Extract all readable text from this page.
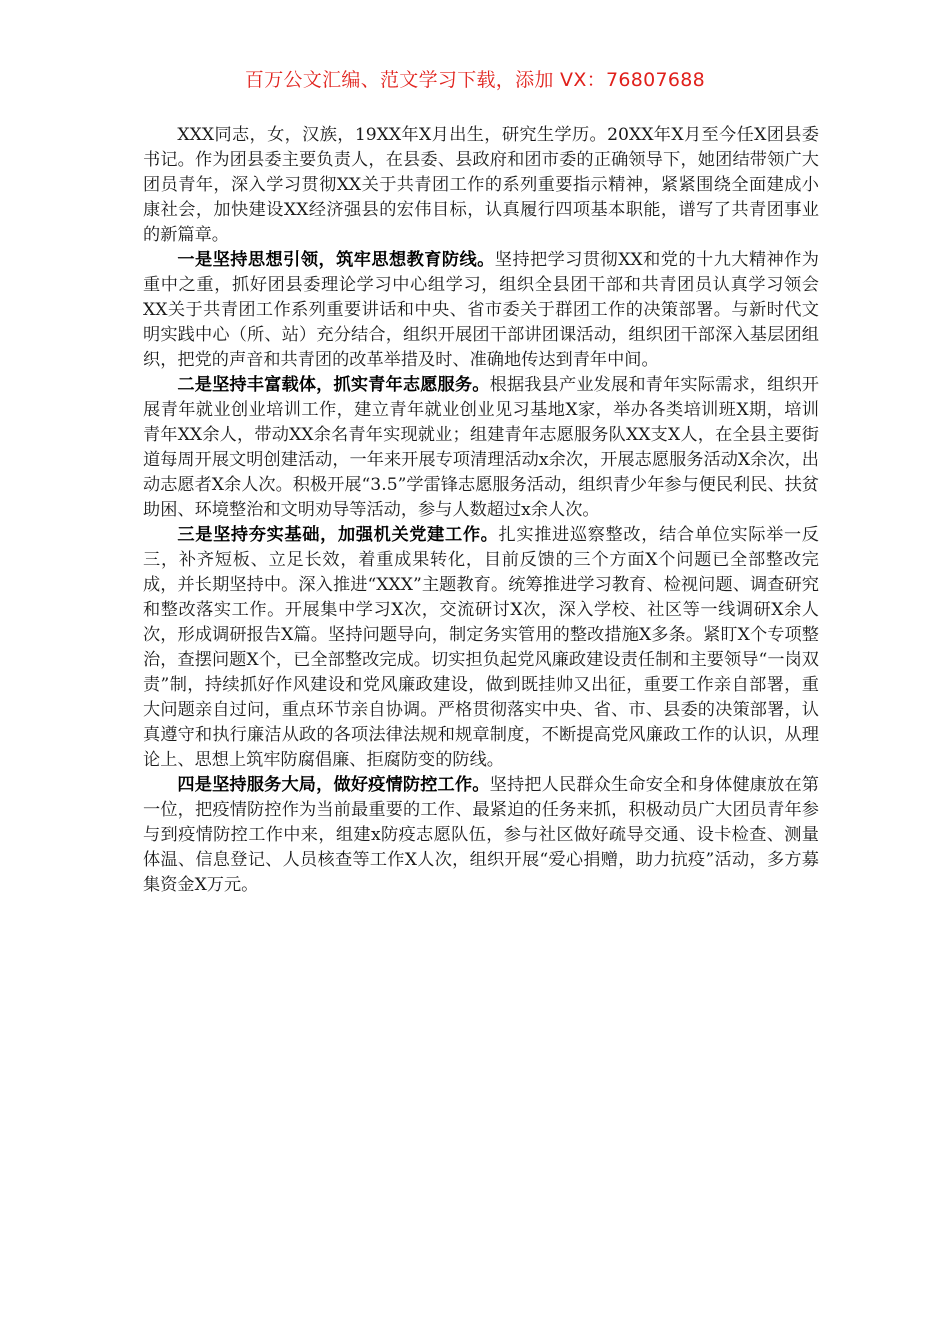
百万公文汇编、范文学习下载，添加 VX：76807688

XXX同志，女，汉族，19XX年X月出生，研究生学历。20XX年X月至今任X团县委书记。作为团县委主要负责人，在县委、县政府和团市委的正确领导下，她团结带领广大团员青年，深入学习贯彻XX关于共青团工作的系列重要指示精神，紧紧围绕全面建成小康社会，加快建设XX经济强县的宏伟目标，认真履行四项基本职能，谱写了共青团事业的新篇章。

一是坚持思想引领，筑牢思想教育防线。坚持把学习贯彻XX和党的十九大精神作为重中之重，抓好团县委理论学习中心组学习，组织全县团干部和共青团员认真学习领会XX关于共青团工作系列重要讲话和中央、省市委关于群团工作的决策部署。与新时代文明实践中心（所、站）充分结合，组织开展团干部讲团课活动，组织团干部深入基层团组织，把党的声音和共青团的改革举措及时、准确地传达到青年中间。

二是坚持丰富载体，抓实青年志愿服务。根据我县产业发展和青年实际需求，组织开展青年就业创业培训工作，建立青年就业创业见习基地X家，举办各类培训班X期，培训青年XX余人，带动XX余名青年实现就业；组建青年志愿服务队XX支X人，在全县主要街道每周开展文明创建活动，一年来开展专项清理活动x余次，开展志愿服务活动X余次，出动志愿者X余人次。积极开展“3.5”学雷锋志愿服务活动，组织青少年参与便民利民、扶贫助困、环境整治和文明劝导等活动，参与人数超过x余人次。

三是坚持夯实基础，加强机关党建工作。扎实推进巡察整改，结合单位实际举一反三，补齐短板、立足长效，着重成果转化，目前反馈的三个方面X个问题已全部整改完成，并长期坚持中。深入推进“XXX”主题教育。统筹推进学习教育、检视问题、调查研究和整改落实工作。开展集中学习X次，交流研讨X次，深入学校、社区等一线调研X余人次，形成调研报告X篇。坚持问题导向，制定务实管用的整改措施X多条。紧盯X个专项整治，查摆问题X个，已全部整改完成。切实担负起党风廉政建设责任制和主要领导“一岗双责”制，持续抓好作风建设和党风廉政建设，做到既挂帅又出征，重要工作亲自部署，重大问题亲自过问，重点环节亲自协调。严格贯彻落实中央、省、市、县委的决策部署，认真遵守和执行廉洁从政的各项法律法规和规章制度，不断提高党风廉政工作的认识，从理论上、思想上筑牢防腐倡廉、拒腐防变的防线。

四是坚持服务大局，做好疫情防控工作。坚持把人民群众生命安全和身体健康放在第一位，把疫情防控作为当前最重要的工作、最紧迫的任务来抓，积极动员广大团员青年参与到疫情防控工作中来，组建x防疫志愿队伍，参与社区做好疏导交通、设卡检查、测量体温、信息登记、人员核查等工作X人次，组织开展“爱心捐赠，助力抗疫”活动，多方募集资金X万元。
